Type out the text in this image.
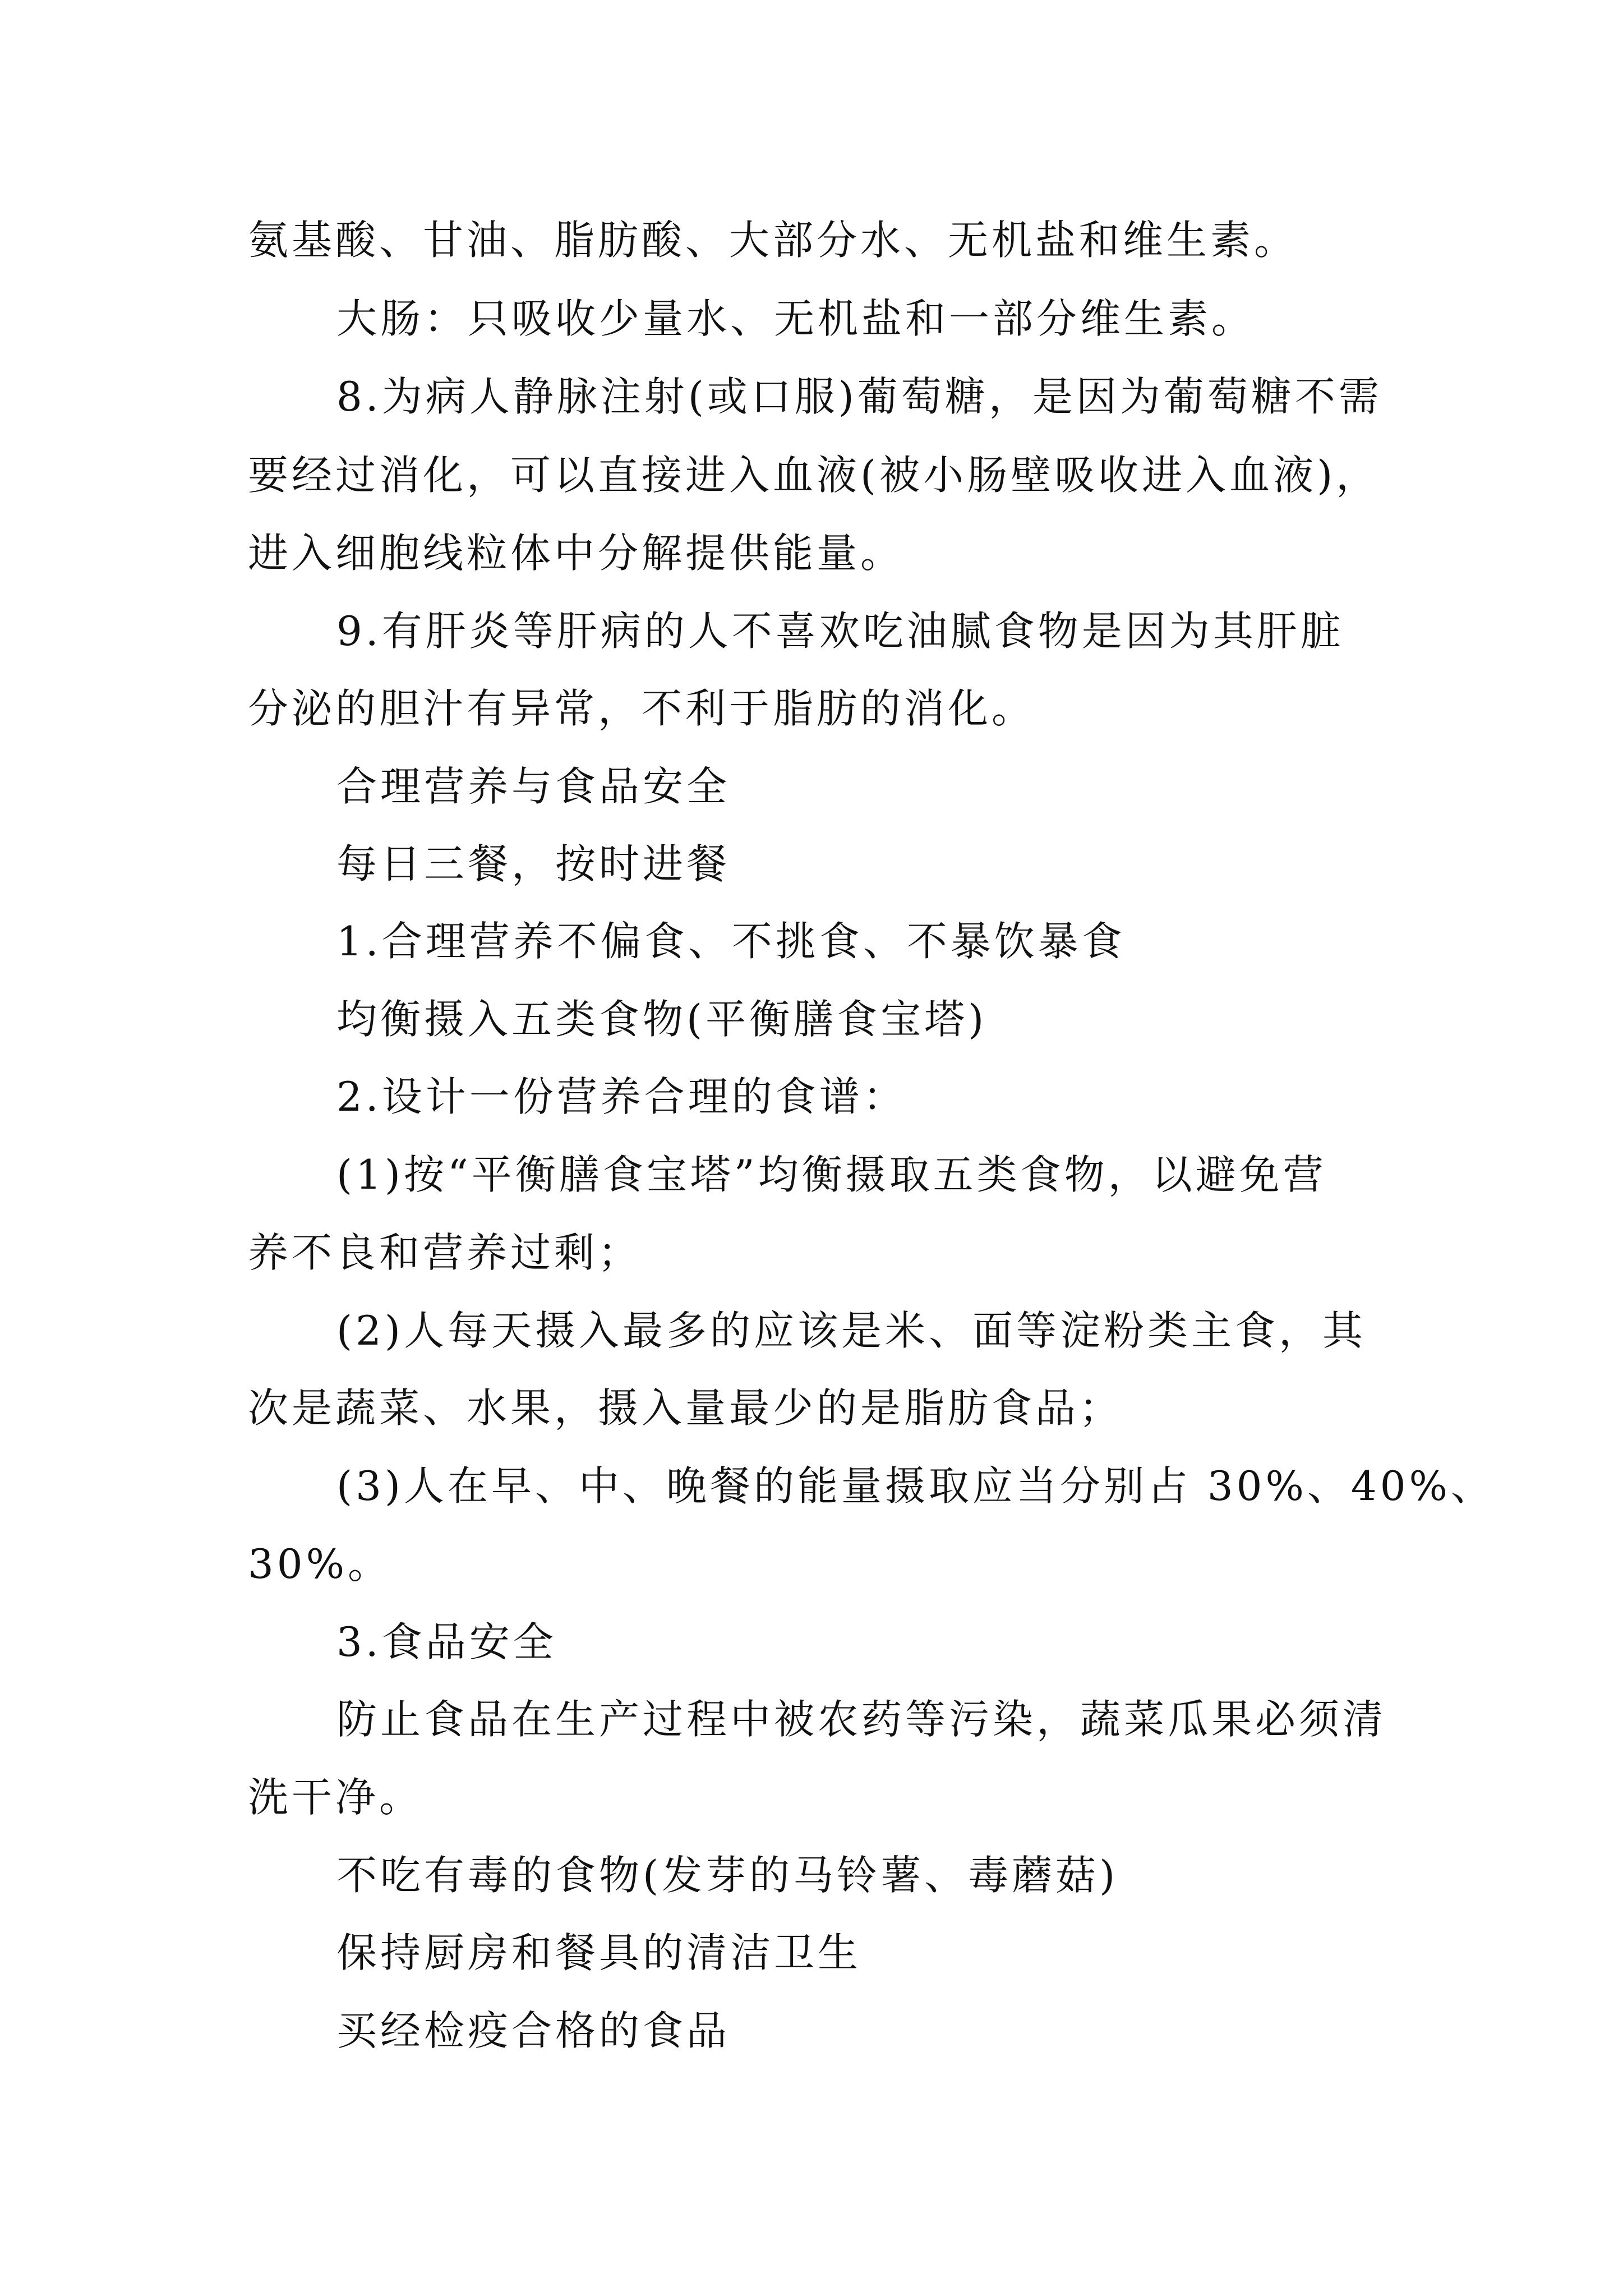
氨基酸、甘油、脂肪酸、大部分水、无机盐和维生素。
大肠：只吸收少量水、无机盐和一部分维生素。
8.为病人静脉注射(或口服)葡萄糖，是因为葡萄糖不需
要经过消化，可以直接进入血液(被小肠壁吸收进入血液)，
进入细胞线粒体中分解提供能量。
9.有肝炎等肝病的人不喜欢吃油腻食物是因为其肝脏
分泌的胆汁有异常，不利于脂肪的消化。
合理营养与食品安全
每日三餐，按时进餐
1.合理营养不偏食、不挑食、不暴饮暴食
均衡摄入五类食物(平衡膳食宝塔)
2.设计一份营养合理的食谱：
(1)按“平衡膳食宝塔”均衡摄取五类食物，以避免营
养不良和营养过剩；
(2)人每天摄入最多的应该是米、面等淀粉类主食，其
次是蔬菜、水果，摄入量最少的是脂肪食品；
(3)人在早、中、晚餐的能量摄取应当分别占 30%、40%、
30%。
3.食品安全
防止食品在生产过程中被农药等污染，蔬菜瓜果必须清
洗干净。
不吃有毒的食物(发芽的马铃薯、毒蘑菇)
保持厨房和餐具的清洁卫生
买经检疫合格的食品
